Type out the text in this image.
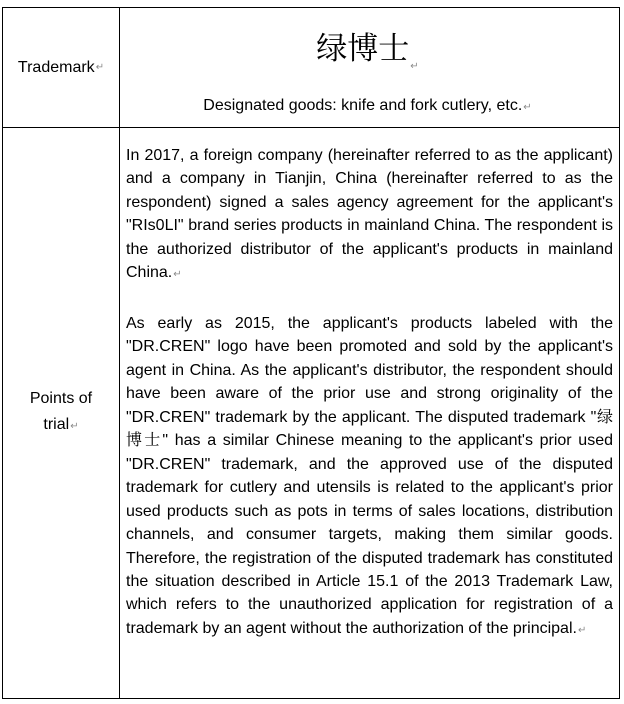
Trademark ↵
Points of trial↵
绿博士$_↵$
Designated goods: knife and fork cutlery, etc.↵

In 2017, a foreign company (hereinafter referred to as the applicant) and a company in Tianjin, China (hereinafter referred to as the respondent) signed a sales agency agreement for the applicant's "RIs0LI" brand series products in mainland China. The respondent is the authorized distributor of the applicant's products in mainland China.↵

As early as 2015, the applicant's products labeled with the "DR.CREN" logo have been promoted and sold by the applicant's agent in China. As the applicant's distributor, the respondent should have been aware of the prior use and strong originality of the "DR.CREN" trademark by the applicant. The disputed trademark "绿博士" has a similar Chinese meaning to the applicant's prior used "DR.CREN" trademark, and the approved use of the disputed trademark for cutlery and utensils is related to the applicant's prior used products such as pots in terms of sales locations, distribution channels, and consumer targets, making them similar goods. Therefore, the registration of the disputed trademark has constituted the situation described in Article 15.1 of the 2013 Trademark Law, which refers to the unauthorized application for registration of a trademark by an agent without the authorization of the principal.↵
